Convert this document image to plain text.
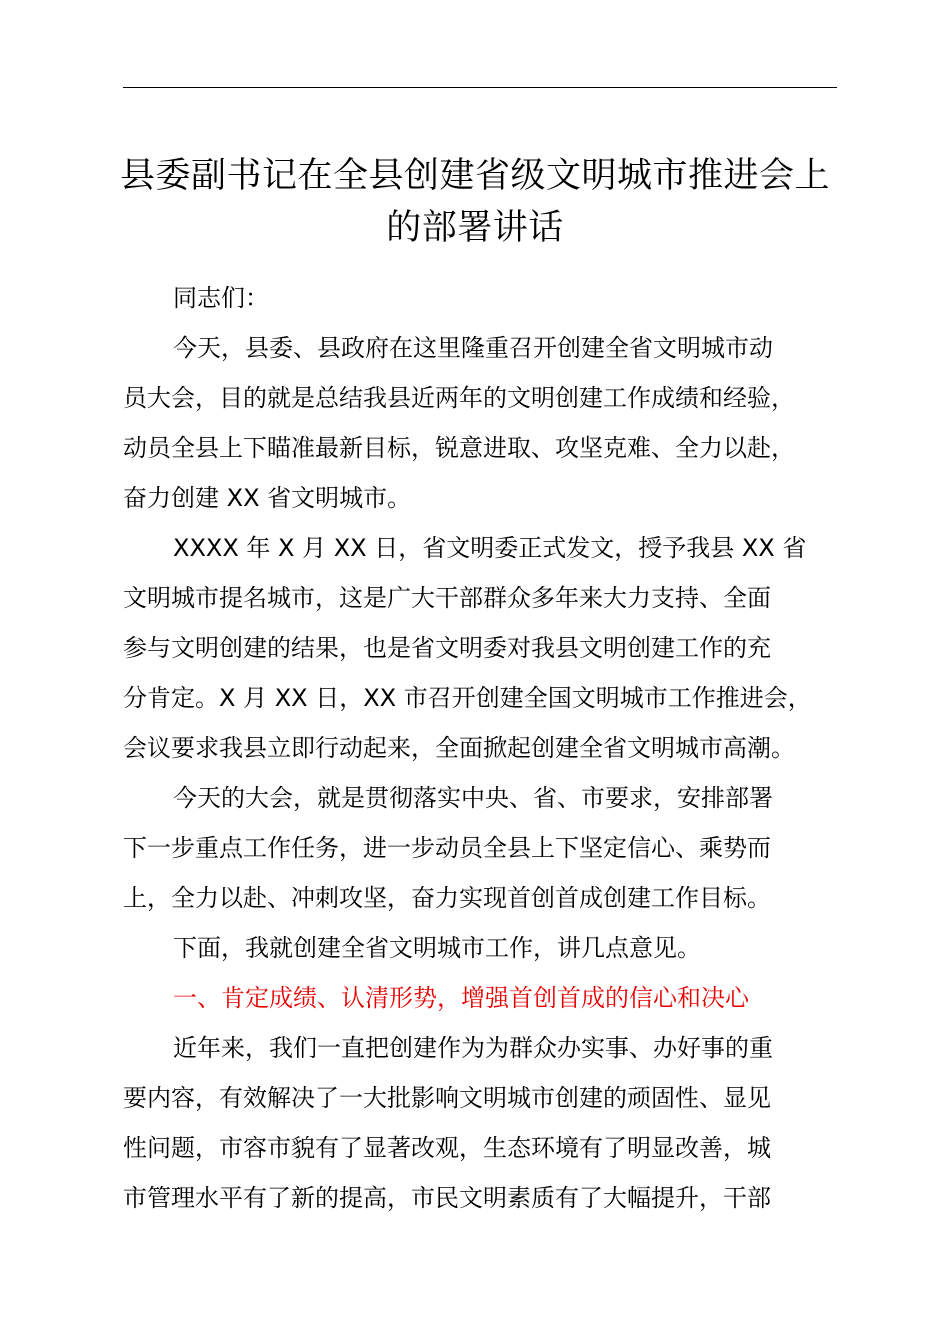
县委副书记在全县创建省级文明城市推进会上
的部署讲话

同志们：

今天，县委、县政府在这里隆重召开创建全省文明城市动
员大会，目的就是总结我县近两年的文明创建工作成绩和经验，
动员全县上下瞄准最新目标，锐意进取、攻坚克难、全力以赴，
奋力创建 XX 省文明城市。

XXXX 年 X 月 XX 日，省文明委正式发文，授予我县 XX 省
文明城市提名城市，这是广大干部群众多年来大力支持、全面
参与文明创建的结果，也是省文明委对我县文明创建工作的充
分肯定。X 月 XX 日，XX 市召开创建全国文明城市工作推进会，
会议要求我县立即行动起来，全面掀起创建全省文明城市高潮。

今天的大会，就是贯彻落实中央、省、市要求，安排部署
下一步重点工作任务，进一步动员全县上下坚定信心、乘势而
上，全力以赴、冲刺攻坚，奋力实现首创首成创建工作目标。

下面，我就创建全省文明城市工作，讲几点意见。

一、肯定成绩、认清形势，增强首创首成的信心和决心

近年来，我们一直把创建作为为群众办实事、办好事的重
要内容，有效解决了一大批影响文明城市创建的顽固性、显见
性问题，市容市貌有了显著改观，生态环境有了明显改善，城
市管理水平有了新的提高，市民文明素质有了大幅提升，干部
